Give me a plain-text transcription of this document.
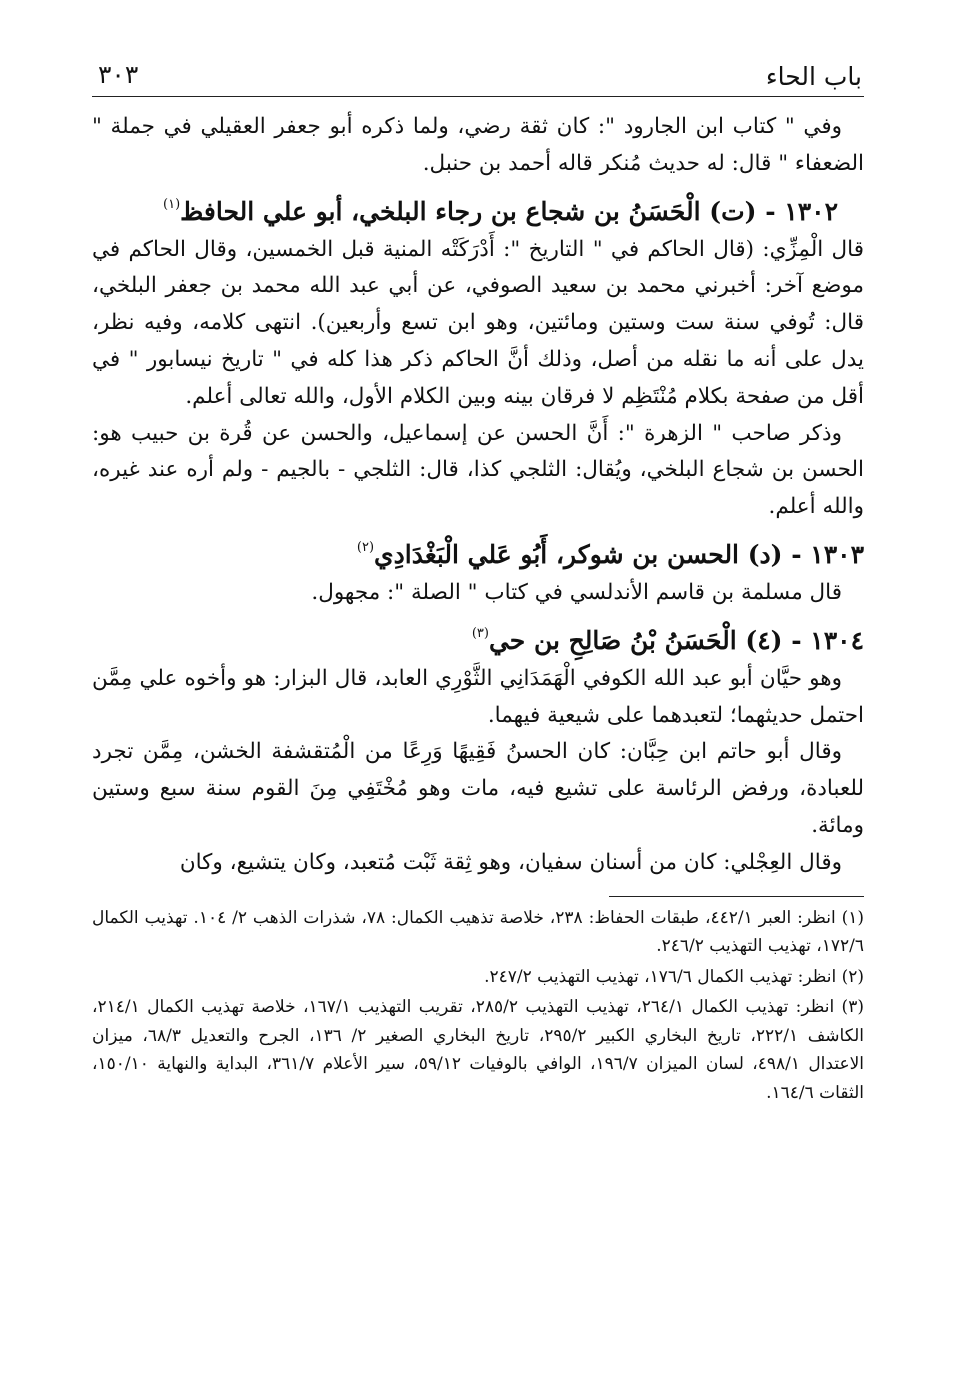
باب الحاء
٣٠٣

وفي " كتاب ابن الجارود ": كان ثقة رضي، ولما ذكره أبو جعفر العقيلي في جملة " الضعفاء " قال: له حديث مُنكر قاله أحمد بن حنبل.

١٣٠٢ - (ت) الْحَسَنُ بن شجاع بن رجاء البلخي، أبو علي الحافظ$^{(١)}$

قال الْمِزِّي: (قال الحاكم في " التاريخ ": أَدْرَكَتْه المنية قبل الخمسين، وقال الحاكم في موضع آخر: أخبرني محمد بن سعيد الصوفي، عن أبي عبد الله محمد بن جعفر البلخي، قال: تُوفي سنة ست وستين ومائتين، وهو ابن تسع وأربعين). انتهى كلامه، وفيه نظر، يدل على أنه ما نقله من أصل، وذلك أنَّ الحاكم ذكر هذا كله في " تاريخ نيسابور " في أقل من صفحة بكلام مُنْتَظِم لا فرقان بينه وبين الكلام الأول، والله تعالى أعلم.

وذكر صاحب " الزهرة ": أَنَّ الحسن عن إسماعيل، والحسن عن قُرة بن حبيب هو: الحسن بن شجاع البلخي، ويُقال: الثلجي كذا، قال: الثلجي - بالجيم - ولم أره عند غيره، والله أعلم.

١٣٠٣ - (د) الحسن بن شوكر، أَبُو عَلي الْبَغْدَادِي$^{(٢)}$

قال مسلمة بن قاسم الأندلسي في كتاب " الصلة ": مجهول.

١٣٠٤ - (٤) الْحَسَنُ بْنُ صَالِحِ بن حي$^{(٣)}$

وهو حيَّان أبو عبد الله الكوفي الْهَمَدَانِي الثَّوْرِي العابد، قال البزار: هو وأخوه علي مِمَّن احتمل حديثهما؛ لتعبدهما على شيعية فيهما.

وقال أبو حاتم ابن حِبَّان: كان الحسنُ فَقِيهًا وَرِعًا من الْمُتقشفة الخشن، مِمَّن تجرد للعبادة، ورفض الرئاسة على تشيع فيه، مات وهو مُخْتَفِي مِنَ القوم سنة سبع وستين ومائة.

وقال العِجْلي: كان من أسنان سفيان، وهو ثِقة ثَبْت مُتعبد، وكان يتشيع، وكان

(١) انظر: العبر ٤٤٢/١، طبقات الحفاظ: ٢٣٨، خلاصة تذهيب الكمال: ٧٨، شذرات الذهب ٢/ ١٠٤. تهذيب الكمال ١٧٢/٦، تهذيب التهذيب ٢٤٦/٢.

(٢) انظر: تهذيب الكمال ١٧٦/٦، تهذيب التهذيب ٢٤٧/٢.

(٣) انظر: تهذيب الكمال ٢٦٤/١، تهذيب التهذيب ٢٨٥/٢، تقريب التهذيب ١٦٧/١، خلاصة تهذيب الكمال ٢١٤/١، الكاشف ٢٢٢/١، تاريخ البخاري الكبير ٢٩٥/٢، تاريخ البخاري الصغير ٢/ ١٣٦، الجرح والتعديل ٦٨/٣، ميزان الاعتدال ٤٩٨/١، لسان الميزان ١٩٦/٧، الوافي بالوفيات ٥٩/١٢، سير الأعلام ٣٦١/٧، البداية والنهاية ١٥٠/١٠، الثقات ١٦٤/٦.
